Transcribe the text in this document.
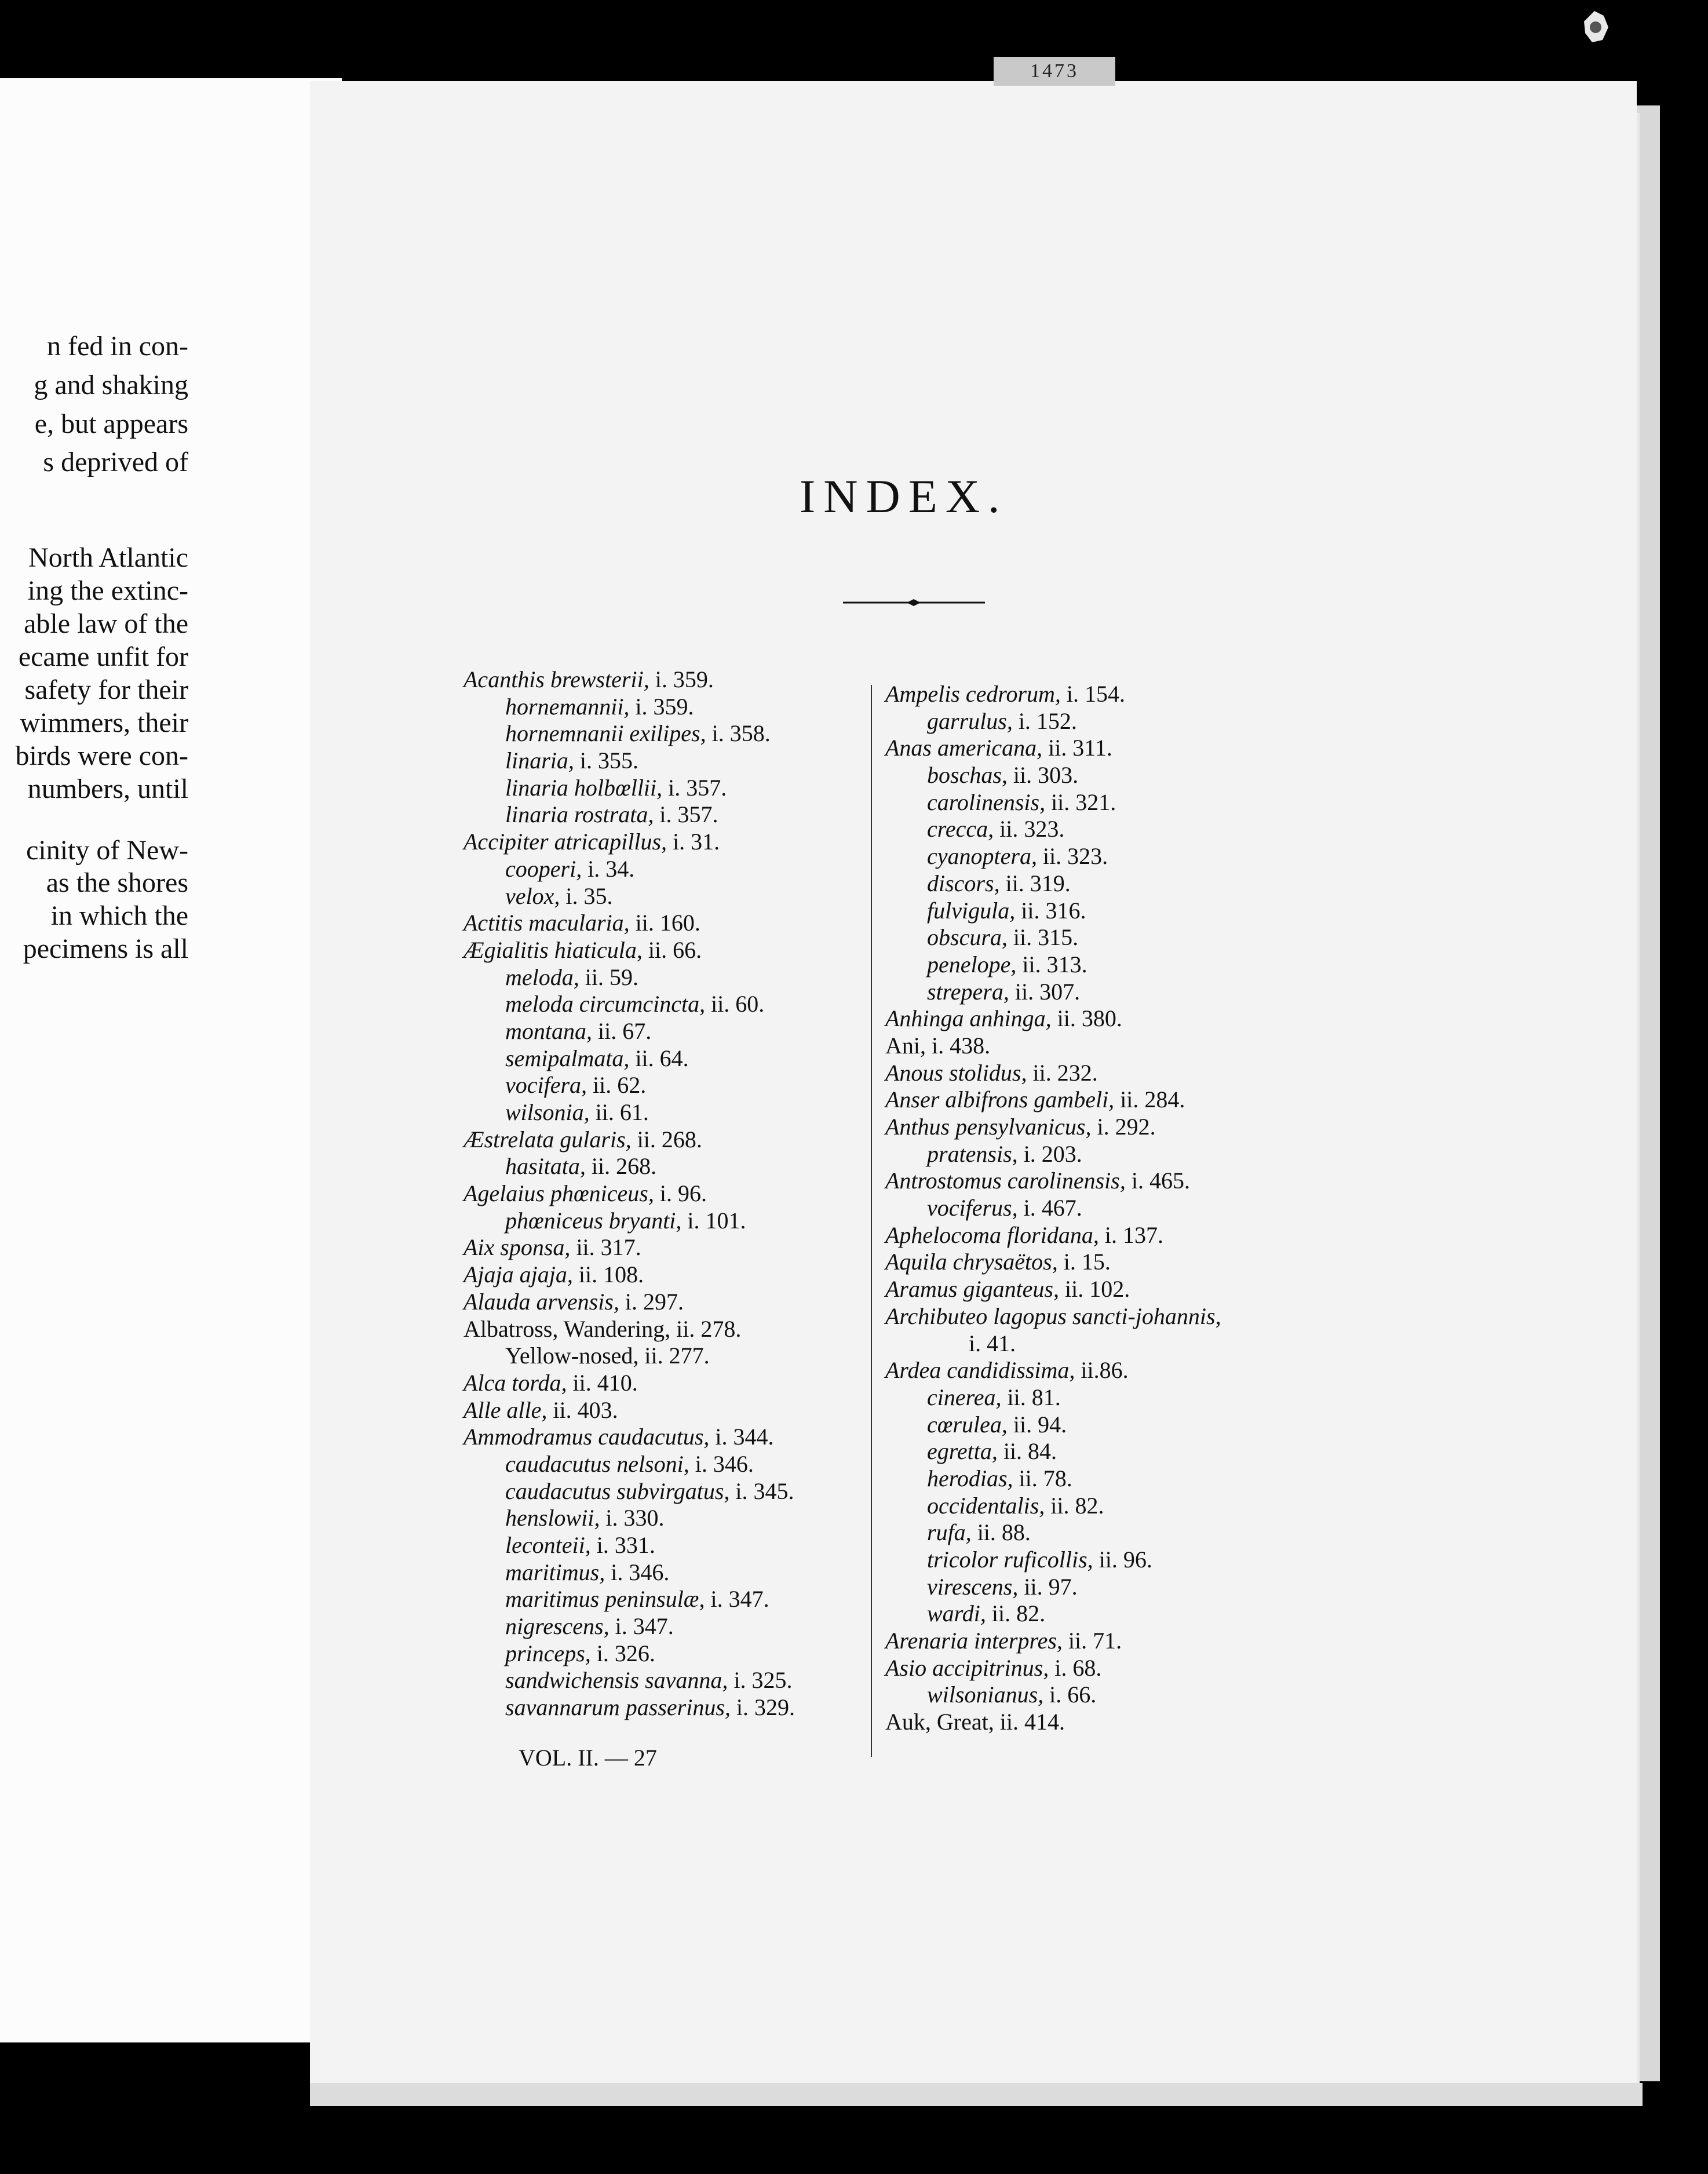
1473
n fed in con-
g and shaking
e, but appears
s deprived of
North Atlantic
ing the extinc-
able law of the
ecame unfit for
safety for their
wimmers, their
birds were con-
numbers, until
cinity of New-
as the shores
in which the
pecimens is all
INDEX.
Acanthis brewsterii, i. 359.
hornemannii, i. 359.
hornemnanii exilipes, i. 358.
linaria, i. 355.
linaria holbœllii, i. 357.
linaria rostrata, i. 357.
Accipiter atricapillus, i. 31.
cooperi, i. 34.
velox, i. 35.
Actitis macularia, ii. 160.
Ægialitis hiaticula, ii. 66.
meloda, ii. 59.
meloda circumcincta, ii. 60.
montana, ii. 67.
semipalmata, ii. 64.
vocifera, ii. 62.
wilsonia, ii. 61.
Æstrelata gularis, ii. 268.
hasitata, ii. 268.
Agelaius phœniceus, i. 96.
phœniceus bryanti, i. 101.
Aix sponsa, ii. 317.
Ajaja ajaja, ii. 108.
Alauda arvensis, i. 297.
Albatross, Wandering, ii. 278.
Yellow-nosed, ii. 277.
Alca torda, ii. 410.
Alle alle, ii. 403.
Ammodramus caudacutus, i. 344.
caudacutus nelsoni, i. 346.
caudacutus subvirgatus, i. 345.
henslowii, i. 330.
leconteii, i. 331.
maritimus, i. 346.
maritimus peninsulæ, i. 347.
nigrescens, i. 347.
princeps, i. 326.
sandwichensis savanna, i. 325.
savannarum passerinus, i. 329.
Ampelis cedrorum, i. 154.
garrulus, i. 152.
Anas americana, ii. 311.
boschas, ii. 303.
carolinensis, ii. 321.
crecca, ii. 323.
cyanoptera, ii. 323.
discors, ii. 319.
fulvigula, ii. 316.
obscura, ii. 315.
penelope, ii. 313.
strepera, ii. 307.
Anhinga anhinga, ii. 380.
Ani, i. 438.
Anous stolidus, ii. 232.
Anser albifrons gambeli, ii. 284.
Anthus pensylvanicus, i. 292.
pratensis, i. 203.
Antrostomus carolinensis, i. 465.
vociferus, i. 467.
Aphelocoma floridana, i. 137.
Aquila chrysaëtos, i. 15.
Aramus giganteus, ii. 102.
Archibuteo lagopus sancti-johannis,
i. 41.
Ardea candidissima, ii.86.
cinerea, ii. 81.
cœrulea, ii. 94.
egretta, ii. 84.
herodias, ii. 78.
occidentalis, ii. 82.
rufa, ii. 88.
tricolor ruficollis, ii. 96.
virescens, ii. 97.
wardi, ii. 82.
Arenaria interpres, ii. 71.
Asio accipitrinus, i. 68.
wilsonianus, i. 66.
Auk, Great, ii. 414.
VOL. II. — 27
